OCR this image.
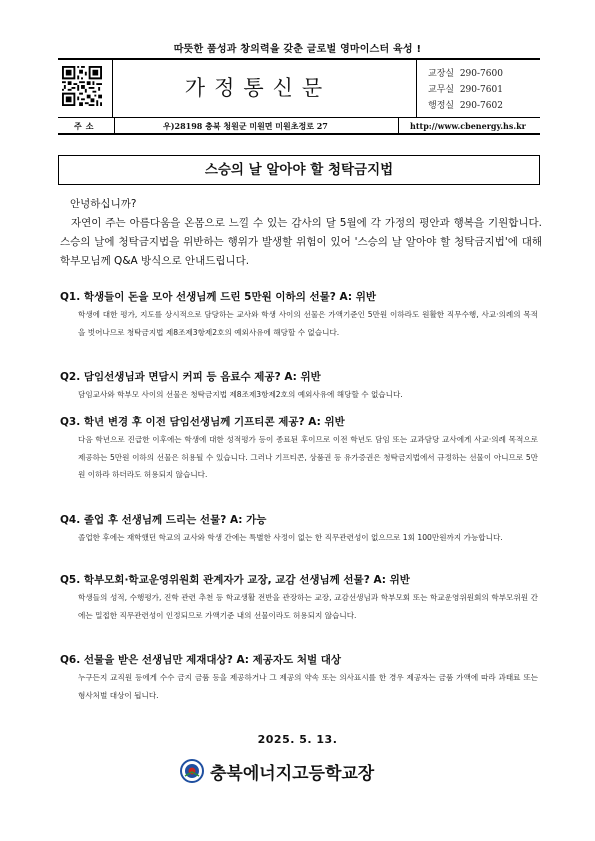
따뜻한 품성과 창의력을 갖춘 글로벌 영마이스터 육성 !
가정통신문
교장실 290-7600
교무실 290-7601
행정실 290-7602
주소	우)28198 충북 청원군 미원면 미원초정로 27	http://www.cbenergy.hs.kr
스승의 날 알아야 할 청탁금지법
안녕하십니까?
자연이 주는 아름다움을 온몸으로 느낄 수 있는 감사의 달 5월에 각 가정의 평안과 행복을 기원합니다. 스승의 날에 청탁금지법을 위반하는 행위가 발생할 위험이 있어 '스승의 날 알아야 할 청탁금지법'에 대해 학부모님께 Q&A 방식으로 안내드립니다.
Q1. 학생들이 돈을 모아 선생님께 드린 5만원 이하의 선물? A: 위반
학생에 대한 평가, 지도를 상시적으로 담당하는 교사와 학생 사이의 선물은 가액기준인 5만원 이하라도 원활한 직무수행, 사교·의례의 목적을 벗어나므로 청탁금지법 제8조제3항제2호의 예외사유에 해당할 수 없습니다.
Q2. 담임선생님과 면담시 커피 등 음료수 제공? A: 위반
담임교사와 학부모 사이의 선물은 청탁금지법 제8조제3항제2호의 예외사유에 해당할 수 없습니다.
Q3. 학년 변경 후 이전 담임선생님께 기프티콘 제공? A: 위반
다음 학년으로 진급한 이후에는 학생에 대한 성적평가 등이 종료된 후이므로 이전 학년도 담임 또는 교과담당 교사에게 사교·의례 목적으로 제공하는 5만원 이하의 선물은 허용될 수 있습니다. 그러나 기프티콘, 상품권 등 유가증권은 청탁금지법에서 규정하는 선물이 아니므로 5만원 이하라 하더라도 허용되지 않습니다.
Q4. 졸업 후 선생님께 드리는 선물? A: 가능
졸업한 후에는 재학했던 학교의 교사와 학생 간에는 특별한 사정이 없는 한 직무관련성이 없으므로 1회 100만원까지 가능합니다.
Q5. 학부모회·학교운영위원회 관계자가 교장, 교감 선생님께 선물? A: 위반
학생들의 성적, 수행평가, 진학 관련 추천 등 학교생활 전반을 관장하는 교장, 교감선생님과 학부모회 또는 학교운영위원회의 학부모위원 간에는 밀접한 직무관련성이 인정되므로 가액기준 내의 선물이라도 허용되지 않습니다.
Q6. 선물을 받은 선생님만 제재대상? A: 제공자도 처벌 대상
누구든지 교직원 등에게 수수 금지 금품 등을 제공하거나 그 제공의 약속 또는 의사표시를 한 경우 제공자는 금품 가액에 따라 과태료 또는 형사처벌 대상이 됩니다.
2025. 5. 13.
충북에너지고등학교장
